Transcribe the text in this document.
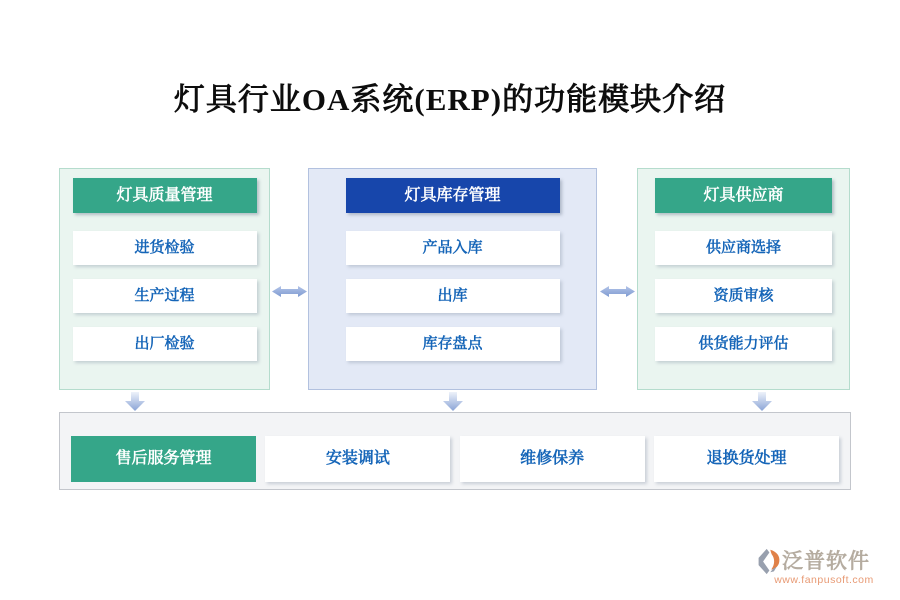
灯具行业OA系统(ERP)的功能模块介绍
灯具质量管理
进货检验
生产过程
出厂检验
灯具库存管理
产品入库
出库
库存盘点
灯具供应商
供应商选择
资质审核
供货能力评估
售后服务管理	安装调试	维修保养	退换货处理
泛普软件
www.fanpusoft.com
